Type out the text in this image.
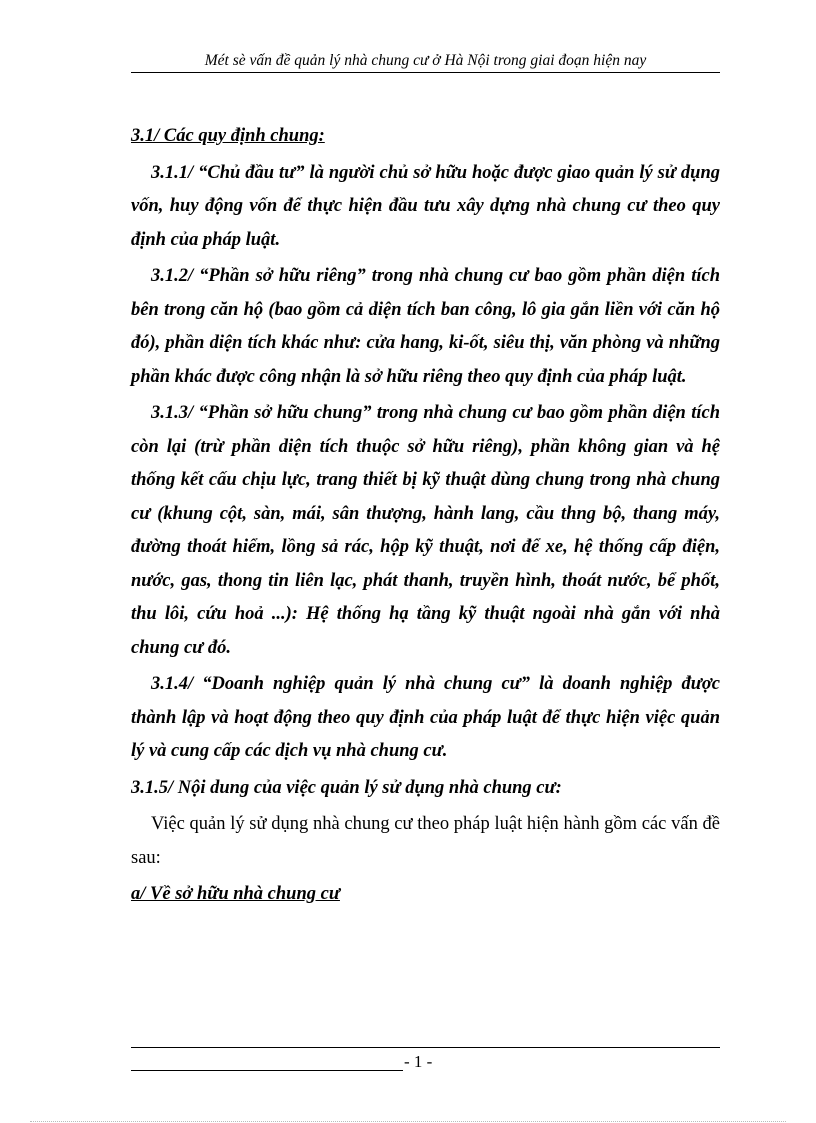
Mét sè vấn đề quản lý nhà chung cư ở Hà Nội trong giai đoạn hiện nay

3.1/ Các quy định chung:

3.1.1/ “Chủ đầu tư” là người chủ sở hữu hoặc được giao quản lý sử dụng vốn, huy động vốn để thực hiện đầu tưu xây dựng nhà chung cư theo quy định của pháp luật.

3.1.2/ “Phần sở hữu riêng” trong nhà chung cư bao gồm phần diện tích bên trong căn hộ (bao gồm cả diện tích ban công, lô gia gắn liền với căn hộ đó), phần diện tích khác như: cửa hang, ki-ốt, siêu thị, văn phòng và những phần khác được công nhận là sở hữu riêng theo quy định của pháp luật.

3.1.3/ “Phần sở hữu chung” trong nhà chung cư bao gồm phần diện tích còn lại (trừ phần diện tích thuộc sở hữu riêng), phần không gian và hệ thống kết cấu chịu lực, trang thiết bị kỹ thuật dùng chung trong nhà chung cư (khung cột, sàn, mái, sân thượng, hành lang, cầu thng bộ, thang máy, đường thoát hiểm, lồng sả rác, hộp kỹ thuật, nơi để xe, hệ thống cấp điện, nước, gas, thong tin liên lạc, phát thanh, truyền hình, thoát nước, bể phốt, thu lôi, cứu hoả ...): Hệ thống hạ tầng kỹ thuật ngoài nhà gắn với nhà chung cư đó.

3.1.4/ “Doanh nghiệp quản lý nhà chung cư” là doanh nghiệp được thành lập và hoạt động theo quy định của pháp luật để thực hiện việc quản lý và cung cấp các dịch vụ nhà chung cư.

3.1.5/ Nội dung của việc quản lý sử dụng nhà chung cư:

Việc quản lý sử dụng nhà chung cư theo pháp luật hiện hành gồm các vấn đề sau:

a/ Về sở hữu nhà chung cư

- 1 -
